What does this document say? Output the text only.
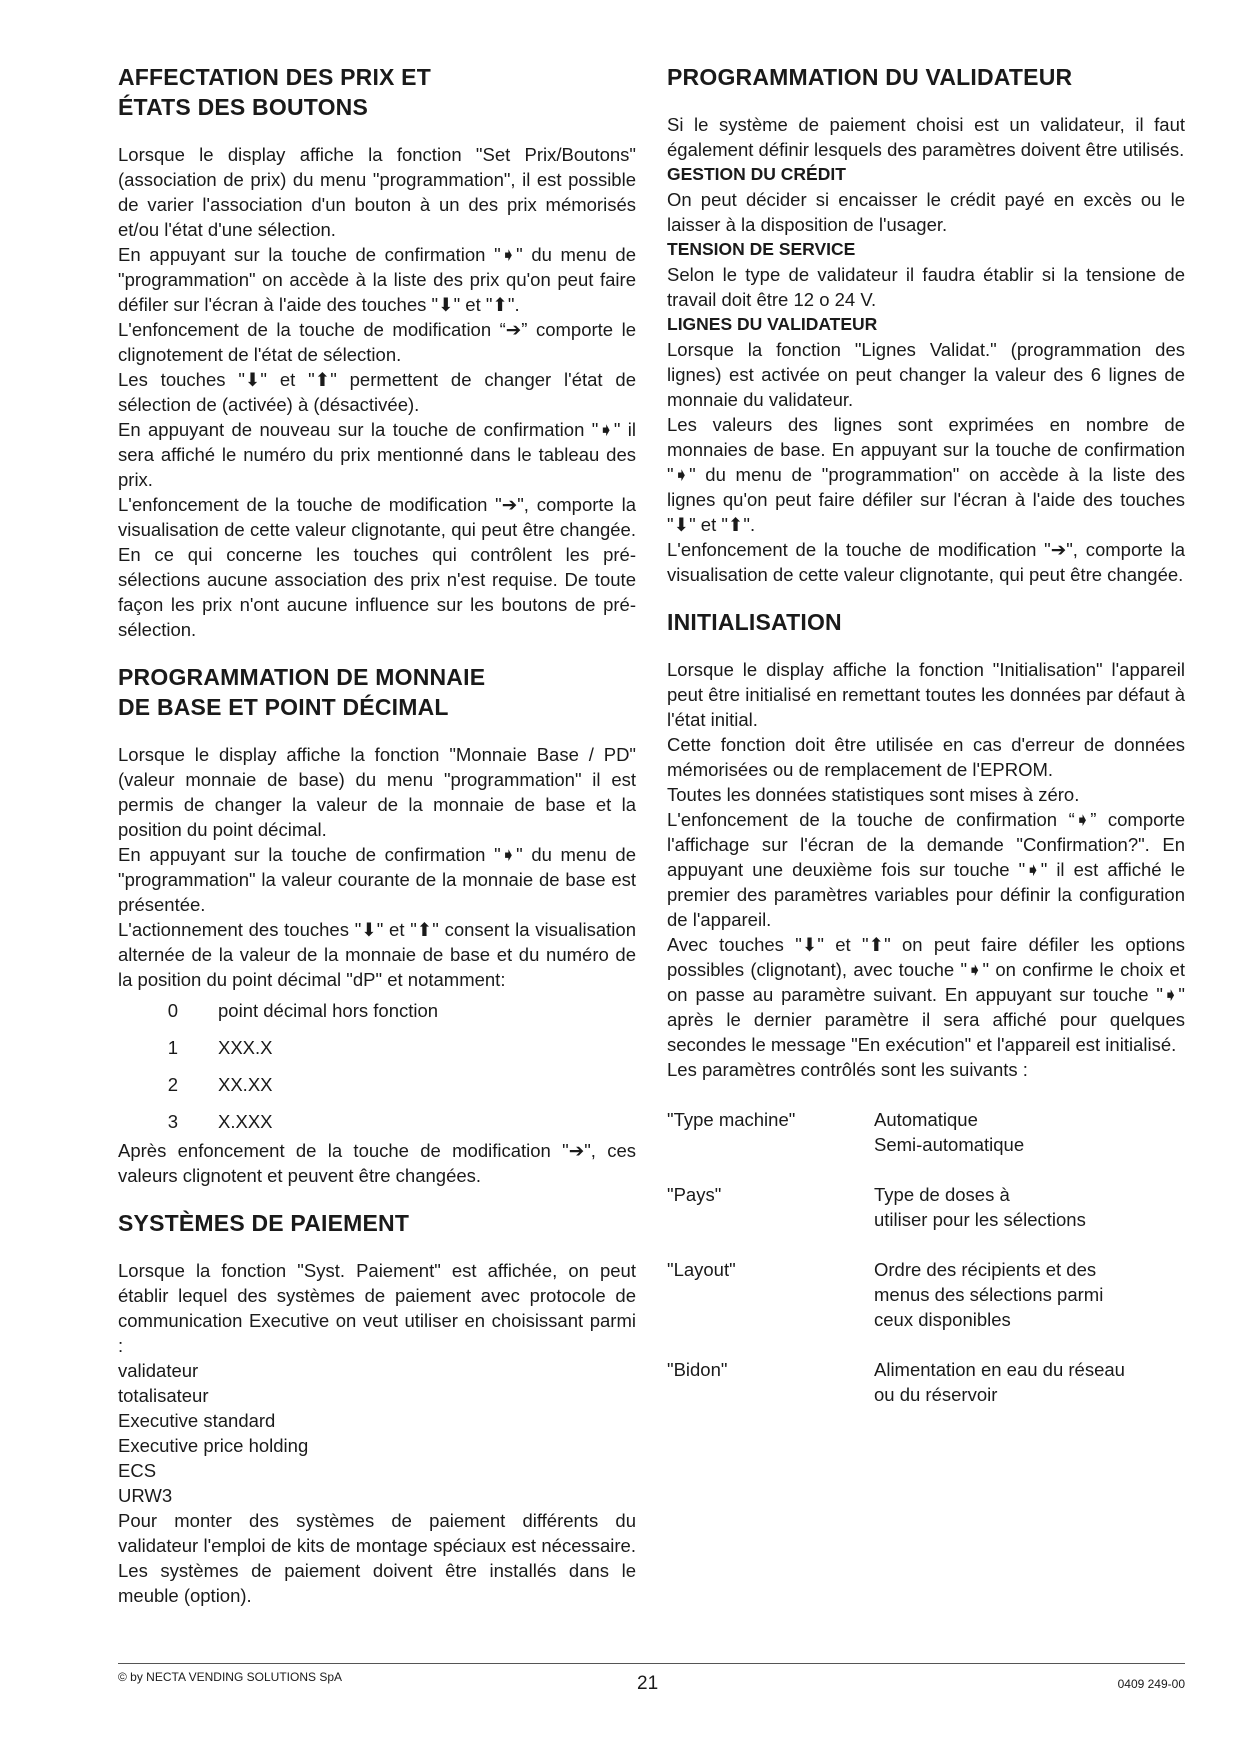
AFFECTATION DES PRIX ET
ÉTATS DES BOUTONS

Lorsque le display affiche la fonction "Set Prix/Boutons" (association de prix) du menu "programmation", il est possible de varier l'association d'un bouton à un des prix mémorisés et/ou l'état d'une sélection.

En appuyant sur la touche de confirmation "➧" du menu de "programmation" on accède à la liste des prix qu'on peut faire défiler sur l'écran à l'aide des touches "⬇" et "⬆".

L'enfoncement de la touche de modification “➔” comporte le clignotement de l'état de sélection.

Les touches "⬇" et "⬆" permettent de changer l'état de sélection de (activée) à (désactivée).

En appuyant de nouveau sur la touche de confirmation "➧" il sera affiché le numéro du prix mentionné dans le tableau des prix.

L'enfoncement de la touche de modification "➔", comporte la visualisation de cette valeur clignotante, qui peut être changée. En ce qui concerne les touches qui contrôlent les pré-sélections aucune association des prix n'est requise. De toute façon les prix n'ont aucune influence sur les boutons de pré-sélection.

PROGRAMMATION DE MONNAIE
DE BASE ET POINT DÉCIMAL

Lorsque le display affiche la fonction "Monnaie Base / PD" (valeur monnaie de base) du menu "programmation" il est permis de changer la valeur de la monnaie de base et la position du point décimal.

En appuyant sur la touche de confirmation "➧" du menu de "programmation" la valeur courante de la monnaie de base est présentée.

L'actionnement des touches "⬇" et "⬆" consent la visualisation alternée de la valeur de la monnaie de base et du numéro de la position du point décimal "dP" et notamment:

0 point décimal hors fonction
1 XXX.X
2 XX.XX
3 X.XXX

Après enfoncement de la touche de modification "➔", ces valeurs clignotent et peuvent être changées.

SYSTÈMES DE PAIEMENT

Lorsque la fonction "Syst. Paiement" est affichée, on peut établir lequel des systèmes de paiement avec protocole de communication Executive on veut utiliser en choisissant parmi :

validateur
totalisateur
Executive standard
Executive price holding
ECS
URW3

Pour monter des systèmes de paiement différents du validateur l'emploi de kits de montage spéciaux est nécessaire. Les systèmes de paiement doivent être installés dans le meuble (option).

PROGRAMMATION DU VALIDATEUR

Si le système de paiement choisi est un validateur, il faut également définir lesquels des paramètres doivent être utilisés.

GESTION DU CRÉDIT

On peut décider si encaisser le crédit payé en excès ou le laisser à la disposition de l'usager.

TENSION DE SERVICE

Selon le type de validateur il faudra établir si la tensione de travail doit être 12 o 24 V.

LIGNES DU VALIDATEUR

Lorsque la fonction "Lignes Validat." (programmation des lignes) est activée on peut changer la valeur des 6 lignes de monnaie du validateur.

Les valeurs des lignes sont exprimées en nombre de monnaies de base. En appuyant sur la touche de confirmation "➧" du menu de "programmation" on accède à la liste des lignes qu'on peut faire défiler sur l'écran à l'aide des touches "⬇" et "⬆".

L'enfoncement de la touche de modification "➔", comporte la visualisation de cette valeur clignotante, qui peut être changée.

INITIALISATION

Lorsque le display affiche la fonction "Initialisation" l'appareil peut être initialisé en remettant toutes les données par défaut à l'état initial.

Cette fonction doit être utilisée en cas d'erreur de données mémorisées ou de remplacement de l'EPROM.

Toutes les données statistiques sont mises à zéro.

L'enfoncement de la touche de confirmation “➧” comporte l'affichage sur l'écran de la demande "Confirmation?". En appuyant une deuxième fois sur touche "➧" il est affiché le premier des paramètres variables pour définir la configuration de l'appareil.

Avec touches "⬇" et "⬆" on peut faire défiler les options possibles (clignotant), avec touche "➧" on confirme le choix et on passe au paramètre suivant. En appuyant sur touche "➧" après le dernier paramètre il sera affiché pour quelques secondes le message "En exécution" et l'appareil est initialisé.

Les paramètres contrôlés sont les suivants :

"Type machine"	Automatique
Semi-automatique
"Pays"	Type de doses à
utiliser pour les sélections
"Layout"	Ordre des récipients et des
menus des sélections parmi
ceux disponibles
"Bidon"	Alimentation en eau du réseau
ou du réservoir
© by NECTA VENDING SOLUTIONS SpA	21	0409 249-00
